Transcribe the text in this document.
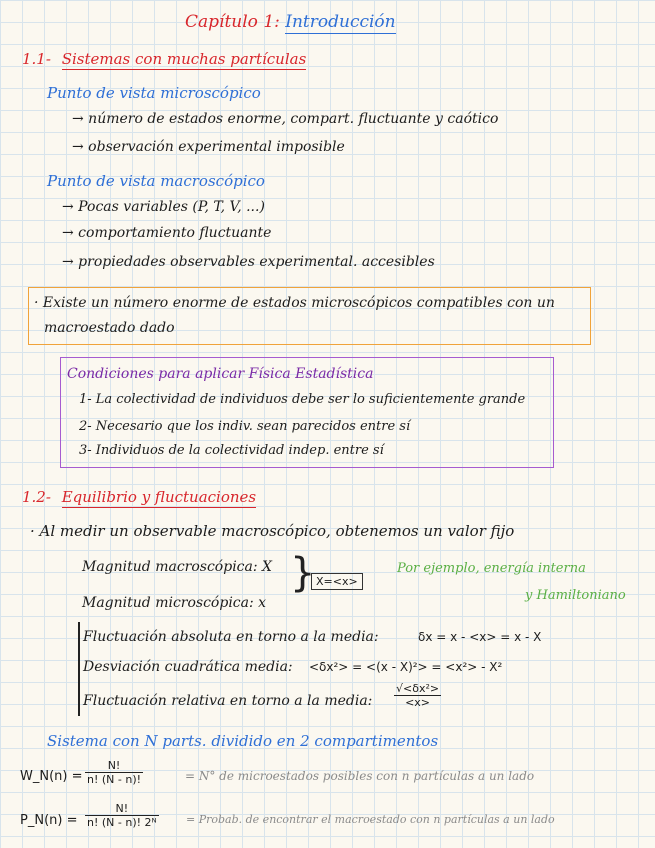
Capítulo 1: Introducción
1.1- Sistemas con muchas partículas
Punto de vista microscópico
→ número de estados enorme, compart. fluctuante y caótico
→ observación experimental imposible
Punto de vista macroscópico
→ Pocas variables (P, T, V, ...)
→ comportamiento fluctuante
→ propiedades observables experimental. accesibles
· Existe un número enorme de estados microscópicos compatibles con un
macroestado dado
Condiciones para aplicar Física Estadística
1- La colectividad de individuos debe ser lo suficientemente grande
2- Necesario que los indiv. sean parecidos entre sí
3- Individuos de la colectividad indep. entre sí
1.2- Equilibrio y fluctuaciones
· Al medir un observable macroscópico, obtenemos un valor fijo
Magnitud macroscópica: X
Magnitud microscópica: x
} X=<x>
Por ejemplo, energía interna
y Hamiltoniano
Fluctuación absoluta en torno a la media:	δx = x - <x> = x - X
Desviación cuadrática media: <δx²> = <(x - X)²> = <x²> - X²
Fluctuación relativa en torno a la media:
√<δx²>
<x>
Sistema con N parts. dividido en 2 compartimentos
W_N(n) =
N!
n! (N - n)!	= N° de microestados posibles con n partículas a un lado
P_N(n) =
N!
n! (N - n)! 2ᴺ	= Probab. de encontrar el macroestado con n partículas a un lado
